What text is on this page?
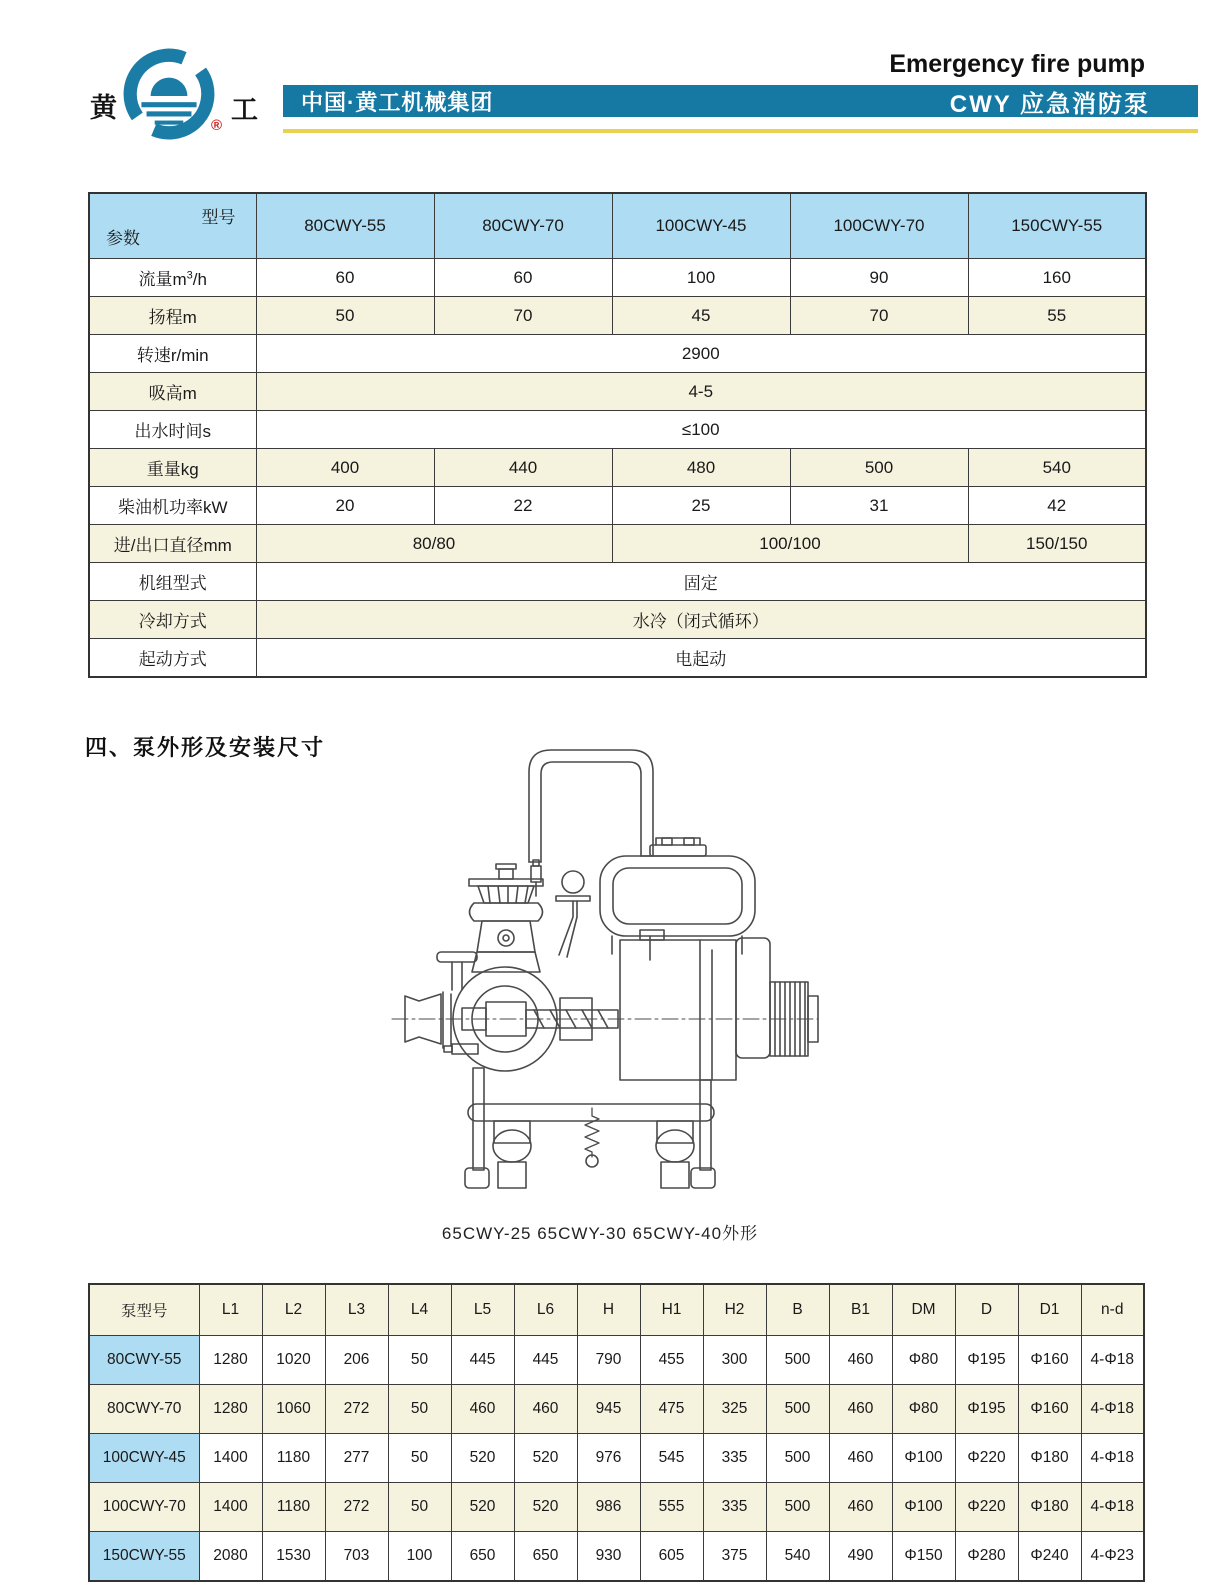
黄	工
®
Emergency fire pump
中国·黄工机械集团	CWY 应急消防泵
型号
参数	80CWY-55	80CWY-70	100CWY-45	100CWY-70	150CWY-55
流量$m^3/h$	60	60	100	90	160
扬程m	50	70	45	70	55
转速r/min	2900				
吸高m	4-5				
出水时间s	≤100				
重量kg	400	440	480	500	540
柴油机功率kW	20	22	25	31	42
进/出口直径mm	80/80		100/100		150/150
机组型式	固定				
冷却方式	水冷（闭式循环）				
起动方式	电起动				
四、泵外形及安装尺寸
65CWY-25 65CWY-30 65CWY-40外形
泵型号	L1	L2	L3	L4	L5	L6	H	H1	H2	B	B1	DM	D	D1	n-d
80CWY-55	1280	1020	206	50	445	445	790	455	300	500	460	Φ80	Φ195	Φ160	4-Φ18
80CWY-70	1280	1060	272	50	460	460	945	475	325	500	460	Φ80	Φ195	Φ160	4-Φ18
100CWY-45	1400	1180	277	50	520	520	976	545	335	500	460	Φ100	Φ220	Φ180	4-Φ18
100CWY-70	1400	1180	272	50	520	520	986	555	335	500	460	Φ100	Φ220	Φ180	4-Φ18
150CWY-55	2080	1530	703	100	650	650	930	605	375	540	490	Φ150	Φ280	Φ240	4-Φ23
